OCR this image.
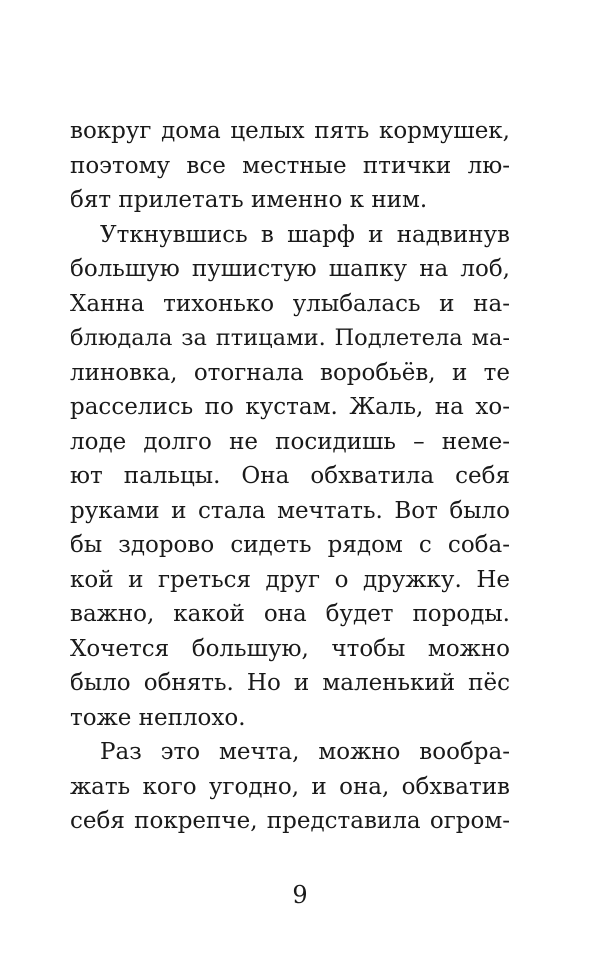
вокруг дома целых пять кормушек,
поэтому все местные птички лю-
бят прилетать именно к ним.
Уткнувшись в шарф и надвинув
большую пушистую шапку на лоб,
Ханна тихонько улыбалась и на-
блюдала за птицами. Подлетела ма-
линовка, отогнала воробьёв, и те
расселись по кустам. Жаль, на хо-
лоде долго не посидишь – неме-
ют пальцы. Она обхватила себя
руками и стала мечтать. Вот было
бы здорово сидеть рядом с соба-
кой и греться друг о дружку. Не
важно, какой она будет породы.
Хочется большую, чтобы можно
было обнять. Но и маленький пёс
тоже неплохо.
Раз это мечта, можно вообра-
жать кого угодно, и она, обхватив
себя покрепче, представила огром-
9
